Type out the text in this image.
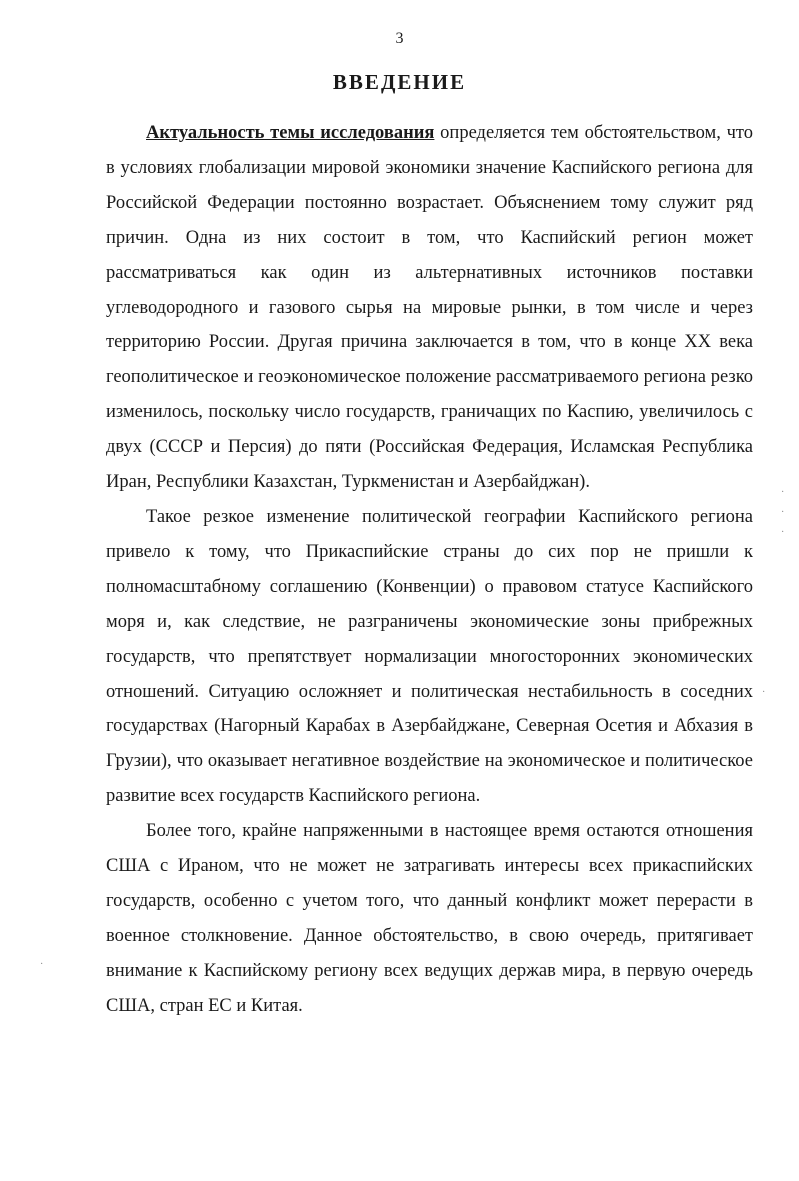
3

ВВЕДЕНИЕ

Актуальность темы исследования определяется тем обстоятельством, что в условиях глобализации мировой экономики значение Каспийского региона для Российской Федерации постоянно возрастает. Объяснением тому служит ряд причин. Одна из них состоит в том, что Каспийский регион может рассматриваться как один из альтернативных источников поставки углеводородного и газового сырья на мировые рынки, в том числе и через территорию России. Другая причина заключается в том, что в конце XX века геополитическое и геоэкономическое положение рассматриваемого региона резко изменилось, поскольку число государств, граничащих по Каспию, увеличилось с двух (СССР и Персия) до пяти (Российская Федерация, Исламская Республика Иран, Республики Казахстан, Туркменистан и Азербайджан).

Такое резкое изменение политической географии Каспийского региона привело к тому, что Прикаспийские страны до сих пор не пришли к полномасштабному соглашению (Конвенции) о правовом статусе Каспийского моря и, как следствие, не разграничены экономические зоны прибрежных государств, что препятствует нормализации многосторонних экономических отношений. Ситуацию осложняет и политическая нестабильность в соседних государствах (Нагорный Карабах в Азербайджане, Северная Осетия и Абхазия в Грузии), что оказывает негативное воздействие на экономическое и политическое развитие всех государств Каспийского региона.

Более того, крайне напряженными в настоящее время остаются отношения США с Ираном, что не может не затрагивать интересы всех прикаспийских государств, особенно с учетом того, что данный конфликт может перерасти в военное столкновение. Данное обстоятельство, в свою очередь, притягивает внимание к Каспийскому региону всех ведущих держав мира, в первую очередь США, стран ЕС и Китая.

·
·
·
·
·
